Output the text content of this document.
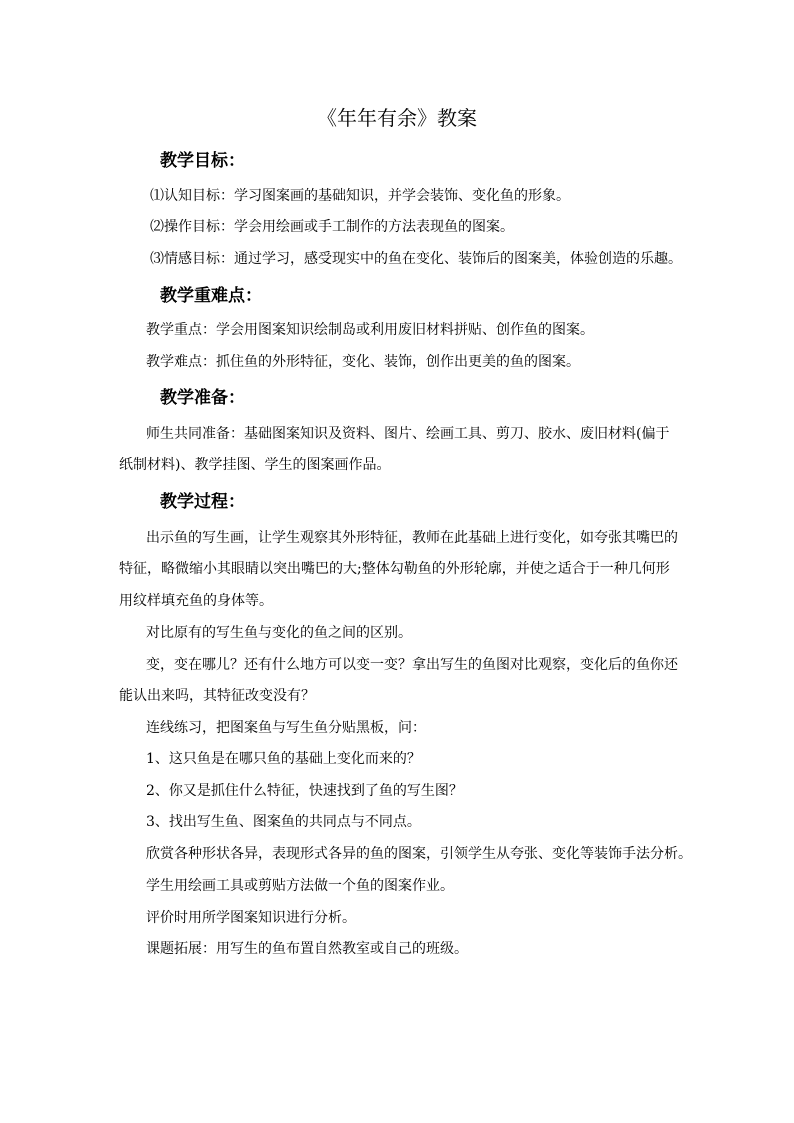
《年年有余》教案
教学目标：
⑴认知目标：学习图案画的基础知识，并学会装饰、变化鱼的形象。
⑵操作目标：学会用绘画或手工制作的方法表现鱼的图案。
⑶情感目标：通过学习，感受现实中的鱼在变化、装饰后的图案美，体验创造的乐趣。
教学重难点：
教学重点：学会用图案知识绘制岛或利用废旧材料拼贴、创作鱼的图案。
教学难点：抓住鱼的外形特征，变化、装饰，创作出更美的鱼的图案。
教学准备：
师生共同准备：基础图案知识及资料、图片、绘画工具、剪刀、胶水、废旧材料(偏于
纸制材料)、教学挂图、学生的图案画作品。
教学过程：
出示鱼的写生画，让学生观察其外形特征，教师在此基础上进行变化，如夸张其嘴巴的
特征，略微缩小其眼睛以突出嘴巴的大;整体勾勒鱼的外形轮廓，并使之适合于一种几何形
用纹样填充鱼的身体等。
对比原有的写生鱼与变化的鱼之间的区别。
变，变在哪儿？还有什么地方可以变一变？拿出写生的鱼图对比观察，变化后的鱼你还
能认出来吗，其特征改变没有？
连线练习，把图案鱼与写生鱼分贴黑板，问：
1、这只鱼是在哪只鱼的基础上变化而来的？
2、你又是抓住什么特征，快速找到了鱼的写生图？
3、找出写生鱼、图案鱼的共同点与不同点。
欣赏各种形状各异，表现形式各异的鱼的图案，引领学生从夸张、变化等装饰手法分析。
学生用绘画工具或剪贴方法做一个鱼的图案作业。
评价时用所学图案知识进行分析。
课题拓展：用写生的鱼布置自然教室或自己的班级。
